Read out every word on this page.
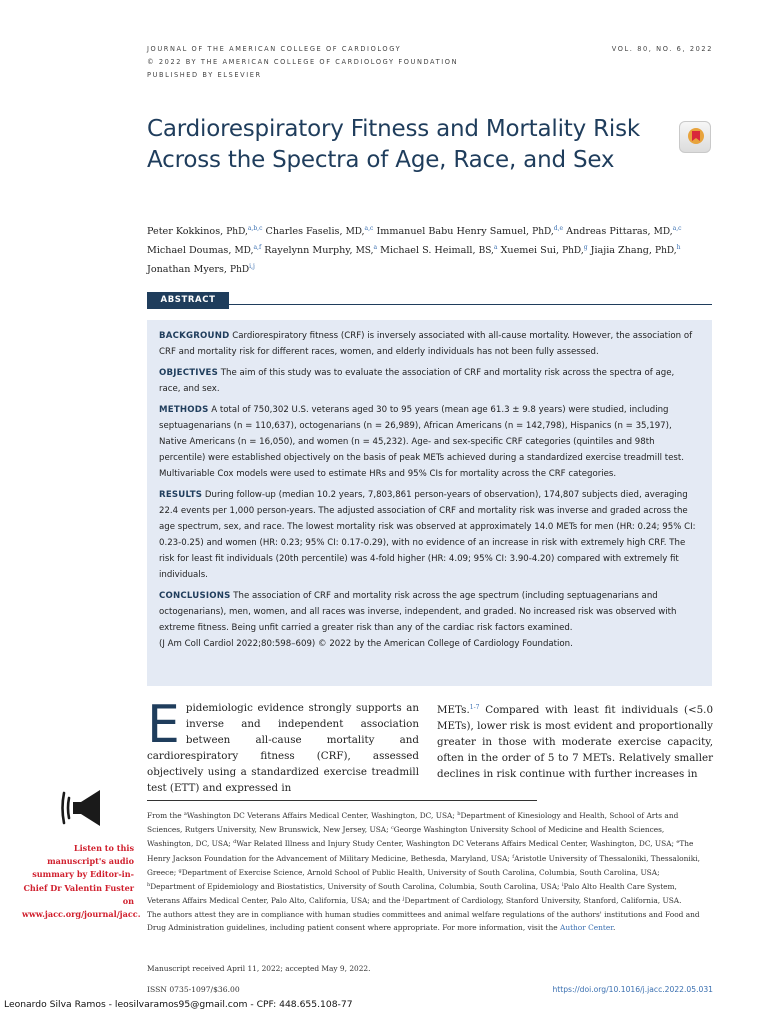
JOURNAL OF THE AMERICAN COLLEGE OF CARDIOLOGY
© 2022 BY THE AMERICAN COLLEGE OF CARDIOLOGY FOUNDATION
PUBLISHED BY ELSEVIER
VOL. 80, NO. 6, 2022
Cardiorespiratory Fitness and Mortality Risk Across the Spectra of Age, Race, and Sex
Peter Kokkinos, PhD,$^{a,b,c}$ Charles Faselis, MD,$^{a,c}$ Immanuel Babu Henry Samuel, PhD,$^{d,e}$ Andreas Pittaras, MD,$^{a,c}$ Michael Doumas, MD,$^{a,f}$ Rayelynn Murphy, MS,$^a$ Michael S. Heimall, BS,$^a$ Xuemei Sui, PhD,$^g$ Jiajia Zhang, PhD,$^h$ Jonathan Myers, PhD$^{i,j}$
ABSTRACT

BACKGROUND Cardiorespiratory fitness (CRF) is inversely associated with all-cause mortality. However, the association of CRF and mortality risk for different races, women, and elderly individuals has not been fully assessed.

OBJECTIVES The aim of this study was to evaluate the association of CRF and mortality risk across the spectra of age, race, and sex.

METHODS A total of 750,302 U.S. veterans aged 30 to 95 years (mean age 61.3 ± 9.8 years) were studied, including septuagenarians (n = 110,637), octogenarians (n = 26,989), African Americans (n = 142,798), Hispanics (n = 35,197), Native Americans (n = 16,050), and women (n = 45,232). Age- and sex-specific CRF categories (quintiles and 98th percentile) were established objectively on the basis of peak METs achieved during a standardized exercise treadmill test. Multivariable Cox models were used to estimate HRs and 95% CIs for mortality across the CRF categories.

RESULTS During follow-up (median 10.2 years, 7,803,861 person-years of observation), 174,807 subjects died, averaging 22.4 events per 1,000 person-years. The adjusted association of CRF and mortality risk was inverse and graded across the age spectrum, sex, and race. The lowest mortality risk was observed at approximately 14.0 METs for men (HR: 0.24; 95% CI: 0.23-0.25) and women (HR: 0.23; 95% CI: 0.17-0.29), with no evidence of an increase in risk with extremely high CRF. The risk for least fit individuals (20th percentile) was 4-fold higher (HR: 4.09; 95% CI: 3.90-4.20) compared with extremely fit individuals.

CONCLUSIONS The association of CRF and mortality risk across the age spectrum (including septuagenarians and octogenarians), men, women, and all races was inverse, independent, and graded. No increased risk was observed with extreme fitness. Being unfit carried a greater risk than any of the cardiac risk factors examined.

(J Am Coll Cardiol 2022;80:598–609) © 2022 by the American College of Cardiology Foundation.

Epidemiologic evidence strongly supports an inverse and independent association between all-cause mortality and cardiorespiratory fitness (CRF), assessed objectively using a standardized exercise treadmill test (ETT) and expressed in
METs.$^{1-7}$ Compared with least fit individuals (<5.0 METs), lower risk is most evident and proportionally greater in those with moderate exercise capacity, often in the order of 5 to 7 METs. Relatively smaller declines in risk continue with further increases in
Listen to this manuscript's audio summary by Editor-in-Chief Dr Valentin Fuster on www.jacc.org/journal/jacc.

From the $^a$Washington DC Veterans Affairs Medical Center, Washington, DC, USA; $^b$Department of Kinesiology and Health, School of Arts and Sciences, Rutgers University, New Brunswick, New Jersey, USA; $^c$George Washington University School of Medicine and Health Sciences, Washington, DC, USA; $^d$War Related Illness and Injury Study Center, Washington DC Veterans Affairs Medical Center, Washington, DC, USA; $^e$The Henry Jackson Foundation for the Advancement of Military Medicine, Bethesda, Maryland, USA; $^f$Aristotle University of Thessaloniki, Thessaloniki, Greece; $^g$Department of Exercise Science, Arnold School of Public Health, University of South Carolina, Columbia, South Carolina, USA; $^h$Department of Epidemiology and Biostatistics, University of South Carolina, Columbia, South Carolina, USA; $^i$Palo Alto Health Care System, Veterans Affairs Medical Center, Palo Alto, California, USA; and the $^j$Department of Cardiology, Stanford University, Stanford, California, USA.

The authors attest they are in compliance with human studies committees and animal welfare regulations of the authors' institutions and Food and Drug Administration guidelines, including patient consent where appropriate. For more information, visit the Author Center.

Manuscript received April 11, 2022; accepted May 9, 2022.
ISSN 0735-1097/$36.00	https://doi.org/10.1016/j.jacc.2022.05.031
Leonardo Silva Ramos - leosilvaramos95@gmail.com - CPF: 448.655.108-77
